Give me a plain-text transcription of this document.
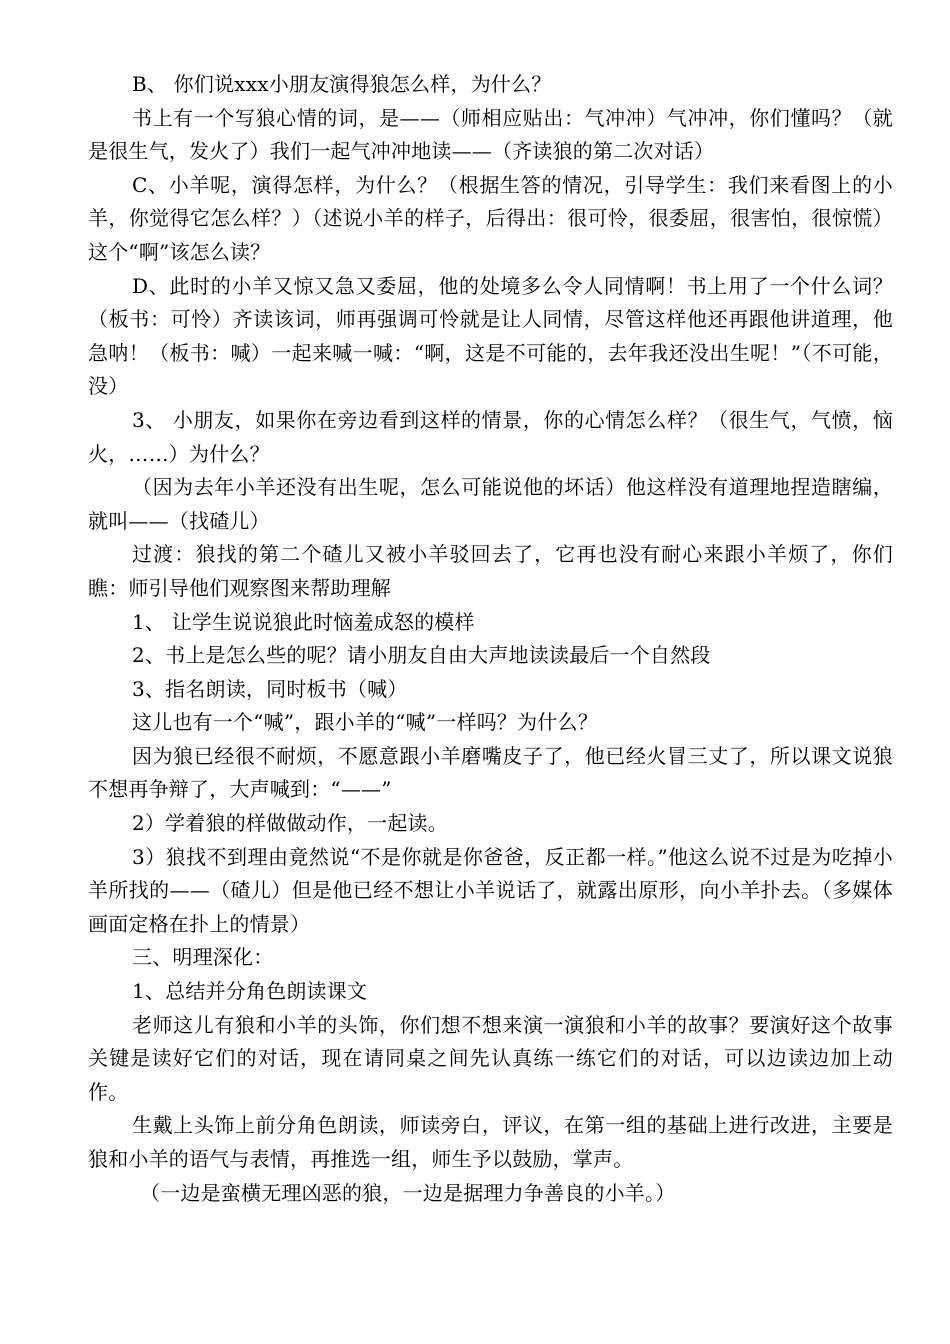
B、 你们说xxx小朋友演得狼怎么样，为什么？

书上有一个写狼心情的词，是——（师相应贴出：气冲冲）气冲冲，你们懂吗？（就是很生气，发火了）我们一起气冲冲地读——（齐读狼的第二次对话）

C、小羊呢，演得怎样，为什么？（根据生答的情况，引导学生：我们来看图上的小羊，你觉得它怎么样？）（述说小羊的样子，后得出：很可怜，很委屈，很害怕，很惊慌）这个“啊”该怎么读？

D、此时的小羊又惊又急又委屈，他的处境多么令人同情啊！书上用了一个什么词？（板书：可怜）齐读该词，师再强调可怜就是让人同情，尽管这样他还再跟他讲道理，他急呐！（板书：喊）一起来喊一喊：“啊，这是不可能的，去年我还没出生呢！”（不可能，没）

3、 小朋友，如果你在旁边看到这样的情景，你的心情怎么样？（很生气，气愤，恼火，……）为什么？

（因为去年小羊还没有出生呢，怎么可能说他的坏话）他这样没有道理地捏造瞎编，就叫——（找碴儿）

过渡：狼找的第二个碴儿又被小羊驳回去了，它再也没有耐心来跟小羊烦了，你们瞧：师引导他们观察图来帮助理解

1、 让学生说说狼此时恼羞成怒的模样

2、书上是怎么些的呢？请小朋友自由大声地读读最后一个自然段

3、指名朗读，同时板书（喊）

这儿也有一个“喊”，跟小羊的“喊”一样吗？为什么？

因为狼已经很不耐烦，不愿意跟小羊磨嘴皮子了，他已经火冒三丈了，所以课文说狼不想再争辩了，大声喊到：“——”

2）学着狼的样做做动作，一起读。

3）狼找不到理由竟然说“不是你就是你爸爸，反正都一样。”他这么说不过是为吃掉小羊所找的——（碴儿）但是他已经不想让小羊说话了，就露出原形，向小羊扑去。（多媒体画面定格在扑上的情景）

三、明理深化：

1、总结并分角色朗读课文

老师这儿有狼和小羊的头饰，你们想不想来演一演狼和小羊的故事？要演好这个故事关键是读好它们的对话，现在请同桌之间先认真练一练它们的对话，可以边读边加上动作。

生戴上头饰上前分角色朗读，师读旁白，评议，在第一组的基础上进行改进，主要是狼和小羊的语气与表情，再推选一组，师生予以鼓励，掌声。

（一边是蛮横无理凶恶的狼，一边是据理力争善良的小羊。）
